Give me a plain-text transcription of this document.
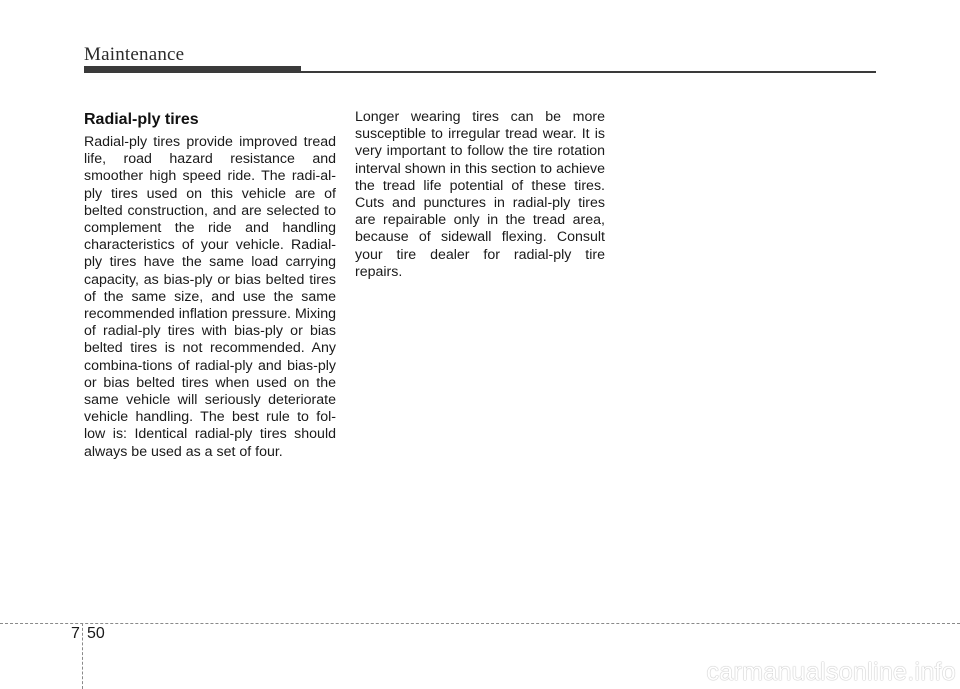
Maintenance
Radial-ply tires

Radial-ply tires provide improved tread life, road hazard resistance and smoother high speed ride. The radi-al-ply tires used on this vehicle are of belted construction, and are selected to complement the ride and handling characteristics of your vehicle. Radial-ply tires have the same load carrying capacity, as bias-ply or bias belted tires of the same size, and use the same recommended inflation pressure. Mixing of radial-ply tires with bias-ply or bias belted tires is not recommended. Any combina-tions of radial-ply and bias-ply or bias belted tires when used on the same vehicle will seriously deteriorate vehicle handling. The best rule to fol-low is: Identical radial-ply tires should always be used as a set of four.

Longer wearing tires can be more susceptible to irregular tread wear. It is very important to follow the tire rotation interval shown in this section to achieve the tread life potential of these tires. Cuts and punctures in radial-ply tires are repairable only in the tread area, because of sidewall flexing. Consult your tire dealer for radial-ply tire repairs.

7 50
carmanualsonline.info
